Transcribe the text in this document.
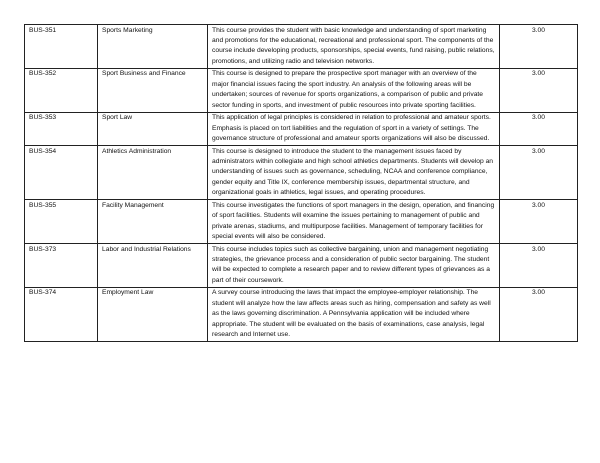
BUS-351	Sports Marketing	This course provides the student with basic knowledge and understanding of sport marketing and promotions for the educational, recreational and professional sport. The components of the course include developing products, sponsorships, special events, fund raising, public relations, promotions, and utilizing radio and television networks.	3.00
BUS-352	Sport Business and Finance	This course is designed to prepare the prospective sport manager with an overview of the major financial issues facing the sport industry. An analysis of the following areas will be undertaken; sources of revenue for sports organizations, a comparison of public and private sector funding in sports, and investment of public resources into private sporting facilities.	3.00
BUS-353	Sport Law	This application of legal principles is considered in relation to professional and amateur sports. Emphasis is placed on tort liabilities and the regulation of sport in a variety of settings. The governance structure of professional and amateur sports organizations will also be discussed.	3.00
BUS-354	Athletics Administration	This course is designed to introduce the student to the management issues faced by administrators within collegiate and high school athletics departments. Students will develop an understanding of issues such as governance, scheduling, NCAA and conference compliance, gender equity and Title IX, conference membership issues, departmental structure, and organizational goals in athletics, legal issues, and operating procedures.	3.00
BUS-355	Facility Management	This course investigates the functions of sport managers in the design, operation, and financing of sport facilities. Students will examine the issues pertaining to management of public and private arenas, stadiums, and multipurpose facilities. Management of temporary facilities for special events will also be considered.	3.00
BUS-373	Labor and Industrial Relations	This course includes topics such as collective bargaining, union and management negotiating strategies, the grievance process and a consideration of public sector bargaining. The student will be expected to complete a research paper and to review different types of grievances as a part of their coursework.	3.00
BUS-374	Employment Law	A survey course introducing the laws that impact the employee-employer relationship. The student will analyze how the law affects areas such as hiring, compensation and safety as well as the laws governing discrimination. A Pennsylvania application will be included where appropriate. The student will be evaluated on the basis of examinations, case analysis, legal research and Internet use.	3.00
